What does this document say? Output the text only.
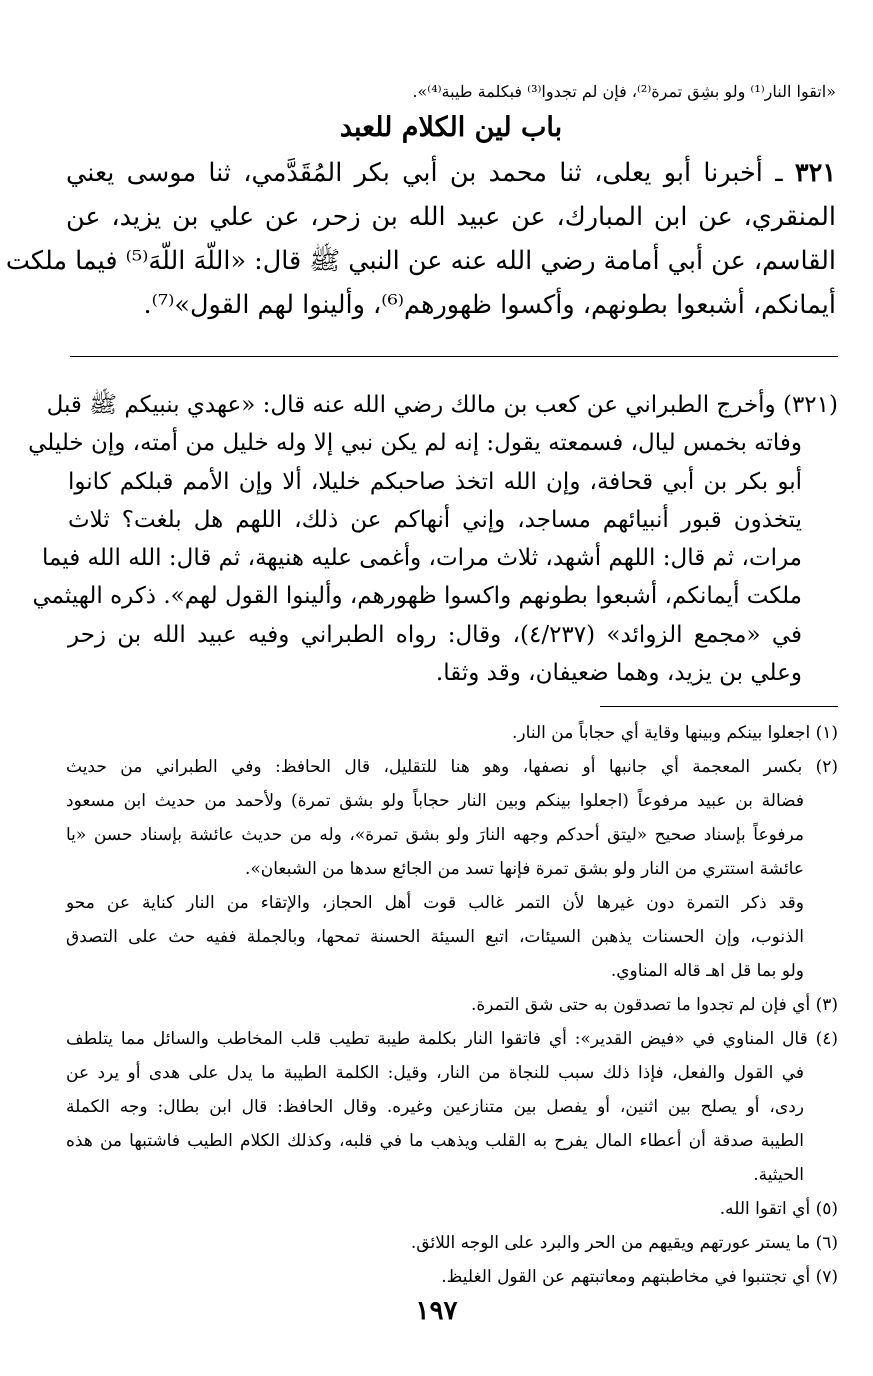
«اتقوا النار⁽¹⁾ ولو بشِق تمرة⁽²⁾، فإن لم تجدوا⁽³⁾ فبكلمة طيبة⁽⁴⁾».
باب لين الكلام للعبد
٣٢١ ـ أخبرنا أبو يعلى، ثنا محمد بن أبي بكر المُقَدَّمي، ثنا موسى يعني
المنقري، عن ابن المبارك، عن عبيد الله بن زحر، عن علي بن يزيد، عن
القاسم، عن أبي أمامة رضي الله عنه عن النبي ﷺ قال: «اللّهَ اللّهَ⁽⁵⁾ فيما ملكت
أيمانكم، أشبعوا بطونهم، وأكسوا ظهورهم⁽⁶⁾، وألينوا لهم القول»⁽⁷⁾.
(٣٢١) وأخرج الطبراني عن كعب بن مالك رضي الله عنه قال: «عهدي بنبيكم ﷺ قبل
وفاته بخمس ليال، فسمعته يقول: إنه لم يكن نبي إلا وله خليل من أمته، وإن خليلي
أبو بكر بن أبي قحافة، وإن الله اتخذ صاحبكم خليلا، ألا وإن الأمم قبلكم كانوا
يتخذون قبور أنبيائهم مساجد، وإني أنهاكم عن ذلك، اللهم هل بلغت؟ ثلاث
مرات، ثم قال: اللهم أشهد، ثلاث مرات، وأغمى عليه هنيهة، ثم قال: الله الله فيما
ملكت أيمانكم، أشبعوا بطونهم واكسوا ظهورهم، وألينوا القول لهم». ذكره الهيثمي
في «مجمع الزوائد» (٤/٢٣٧)، وقال: رواه الطبراني وفيه عبيد الله بن زحر
وعلي بن يزيد، وهما ضعيفان، وقد وثقا.
(١) اجعلوا بينكم وبينها وقاية أي حجاباً من النار.
(٢) بكسر المعجمة أي جانبها أو نصفها، وهو هنا للتقليل، قال الحافظ: وفي الطبراني من حديث
فضالة بن عبيد مرفوعاً (اجعلوا بينكم وبين النار حجاباً ولو بشق تمرة) ولأحمد من حديث ابن مسعود
مرفوعاً بإسناد صحيح «ليتق أحدكم وجهه النارَ ولو بشق تمرة»، وله من حديث عائشة بإسناد حسن «يا
عائشة استتري من النار ولو بشق تمرة فإنها تسد من الجائع سدها من الشبعان».
وقد ذكر التمرة دون غيرها لأن التمر غالب قوت أهل الحجاز، والإتقاء من النار كناية عن محو
الذنوب، وإن الحسنات يذهبن السيئات، اتبع السيئة الحسنة تمحها، وبالجملة ففيه حث على التصدق
ولو بما قل اهـ قاله المناوي.
(٣) أي فإن لم تجدوا ما تصدقون به حتى شق التمرة.
(٤) قال المناوي في «فيض القدير»: أي فاتقوا النار بكلمة طيبة تطيب قلب المخاطب والسائل مما يتلطف
في القول والفعل، فإذا ذلك سبب للنجاة من النار، وقيل: الكلمة الطيبة ما يدل على هدى أو يرد عن
ردى، أو يصلح بين اثنين، أو يفصل بين متنازعين وغيره. وقال الحافظ: قال ابن بطال: وجه الكملة
الطيبة صدقة أن أعطاء المال يفرح به القلب ويذهب ما في قلبه، وكذلك الكلام الطيب فاشتبها من هذه
الحيثية.
(٥) أي اتقوا الله.
(٦) ما يستر عورتهم ويقيهم من الحر والبرد على الوجه اللائق.
(٧) أي تجتنبوا في مخاطبتهم ومعاتبتهم عن القول الغليظ.
١٩٧
